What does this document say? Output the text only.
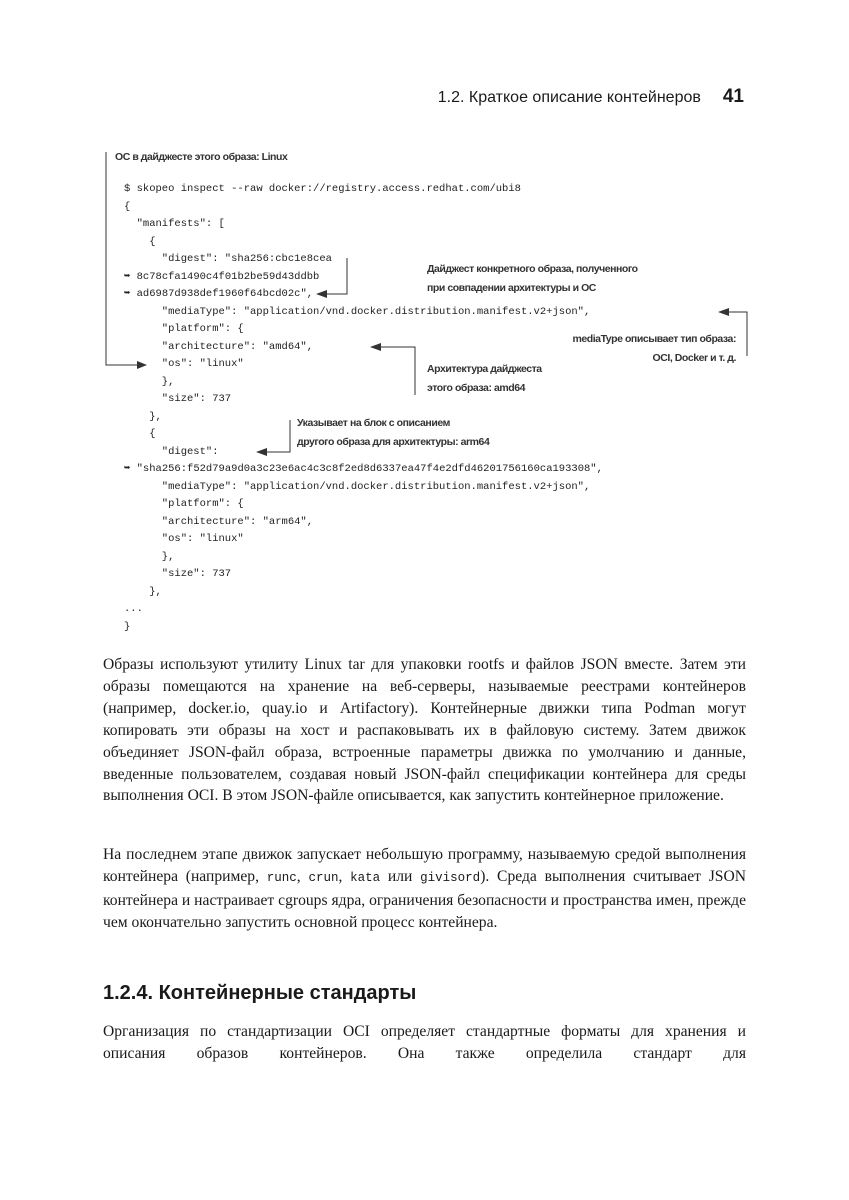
1.2. Краткое описание контейнеров 41
$ skopeo inspect --raw docker://registry.access.redhat.com/ubi8
{
"manifests": [
{
"digest": "sha256:cbc1e8cea
➥ 8c78cfa1490c4f01b2be59d43ddbb
➥ ad6987d938def1960f64bcd02c",
"mediaType": "application/vnd.docker.distribution.manifest.v2+json",
"platform": {
"architecture": "amd64",
"os": "linux"
},
"size": 737
},
{
"digest":
➥ "sha256:f52d79a9d0a3c23e6ac4c3c8f2ed8d6337ea47f4e2dfd46201756160ca193308",
"mediaType": "application/vnd.docker.distribution.manifest.v2+json",
"platform": {
"architecture": "arm64",
"os": "linux"
},
"size": 737
},
...
}
ОС в дайджесте этого образа: Linux
Дайджест конкретного образа, полученного
при совпадении архитектуры и ОС
mediaType описывает тип образа:
OCI, Docker и т. д.
Архитектура дайджеста
этого образа: amd64
Указывает на блок с описанием
другого образа для архитектуры: arm64

Образы используют утилиту Linux tar для упаковки rootfs и файлов JSON вместе. Затем эти образы помещаются на хранение на веб-серверы, называемые реестрами контейнеров (например, docker.io, quay.io и Artifactory). Контейнерные движки типа Podman могут копировать эти образы на хост и распаковывать их в файловую систему. Затем движок объединяет JSON-файл образа, встроенные параметры движка по умолчанию и данные, введенные пользователем, создавая новый JSON-файл спецификации контейнера для среды выполнения OCI. В этом JSON-файле описывается, как запустить контейнерное приложение.

На последнем этапе движок запускает небольшую программу, называемую средой выполнения контейнера (например, runc, crun, kata или givisord). Среда выполнения считывает JSON контейнера и настраивает cgroups ядра, ограничения безопасности и пространства имен, прежде чем окончательно запустить основной процесс контейнера.

1.2.4. Контейнерные стандарты

Организация по стандартизации OCI определяет стандартные форматы для хранения и описания образов контейнеров. Она также определила стандарт для
